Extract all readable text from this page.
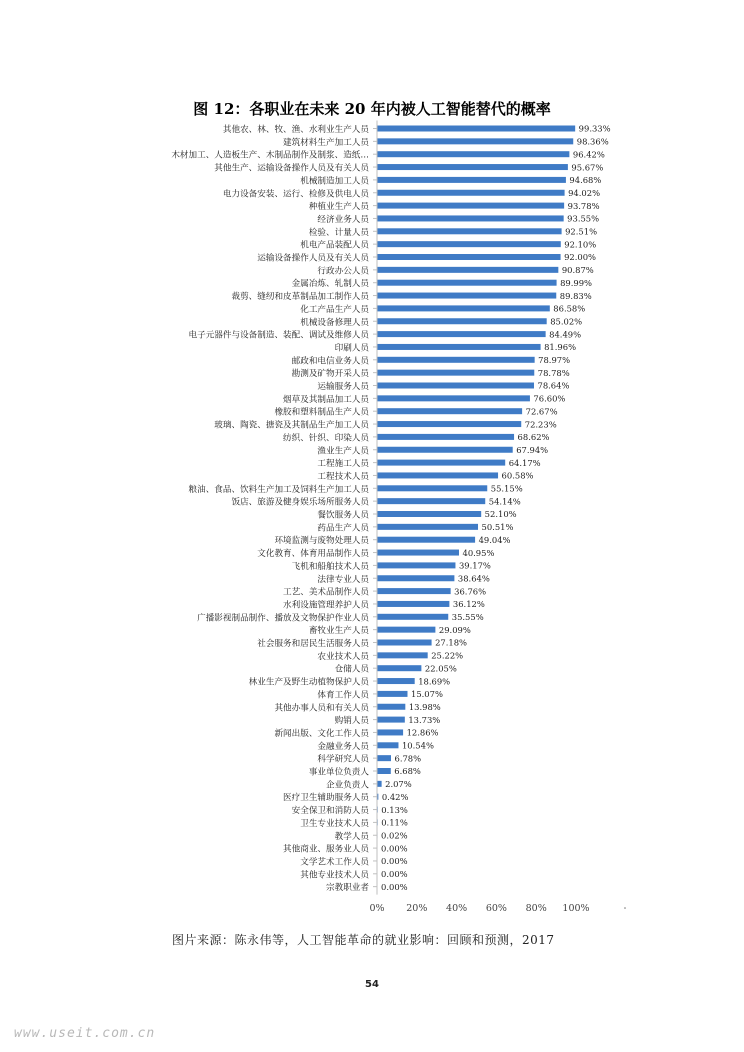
其他农、林、牧、渔、水利业生产人员	99.33%
建筑材料生产加工人员	98.36%
木材加工、人造板生产、木制品制作及制浆、造纸…	96.42%
其他生产、运输设备操作人员及有关人员	95.67%
机械制造加工人员	94.68%
电力设备安装、运行、检修及供电人员	94.02%
种植业生产人员	93.78%
经济业务人员	93.55%
检验、计量人员	92.51%
机电产品装配人员	92.10%
运输设备操作人员及有关人员	92.00%
行政办公人员	90.87%
金属冶炼、轧制人员	89.99%
裁剪、缝纫和皮革制品加工制作人员	89.83%
化工产品生产人员	86.58%
机械设备修理人员	85.02%
电子元器件与设备制造、装配、调试及维修人员	84.49%
印刷人员	81.96%
邮政和电信业务人员	78.97%
勘测及矿物开采人员	78.78%
运输服务人员	78.64%
烟草及其制品加工人员	76.60%
橡胶和塑料制品生产人员	72.67%
玻璃、陶瓷、搪瓷及其制品生产加工人员	72.23%
纺织、针织、印染人员	68.62%
渔业生产人员	67.94%
工程施工人员	64.17%
工程技术人员	60.58%
粮油、食品、饮料生产加工及饲料生产加工人员	55.15%
饭店、旅游及健身娱乐场所服务人员	54.14%
餐饮服务人员	52.10%
药品生产人员	50.51%
环境监测与废物处理人员	49.04%
文化教育、体育用品制作人员	40.95%
飞机和船舶技术人员	39.17%
法律专业人员	38.64%
工艺、美术品制作人员	36.76%
水利设施管理养护人员	36.12%
广播影视制品制作、播放及文物保护作业人员	35.55%
畜牧业生产人员	29.09%
社会服务和居民生活服务人员	27.18%
农业技术人员	25.22%
仓储人员	22.05%
林业生产及野生动植物保护人员	18.69%
体育工作人员	15.07%
其他办事人员和有关人员	13.98%
购销人员	13.73%
新闻出版、文化工作人员	12.86%
金融业务人员	10.54%
科学研究人员	6.78%
事业单位负责人	6.68%
企业负责人 2.07%
医疗卫生辅助服务人员 0.42%
安全保卫和消防人员 0.13%
卫生专业技术人员 0.11%
教学人员 0.02%
其他商业、服务业人员 0.00%
文学艺术工作人员 0.00%
其他专业技术人员 0.00%
宗教职业者 0.00%
0% 20% 40% 60% 80% 100%
图 12：各职业在未来 20 年内被人工智能替代的概率
图片来源：陈永伟等，人工智能革命的就业影响：回顾和预测，2017
54
www.useit.com.cn
